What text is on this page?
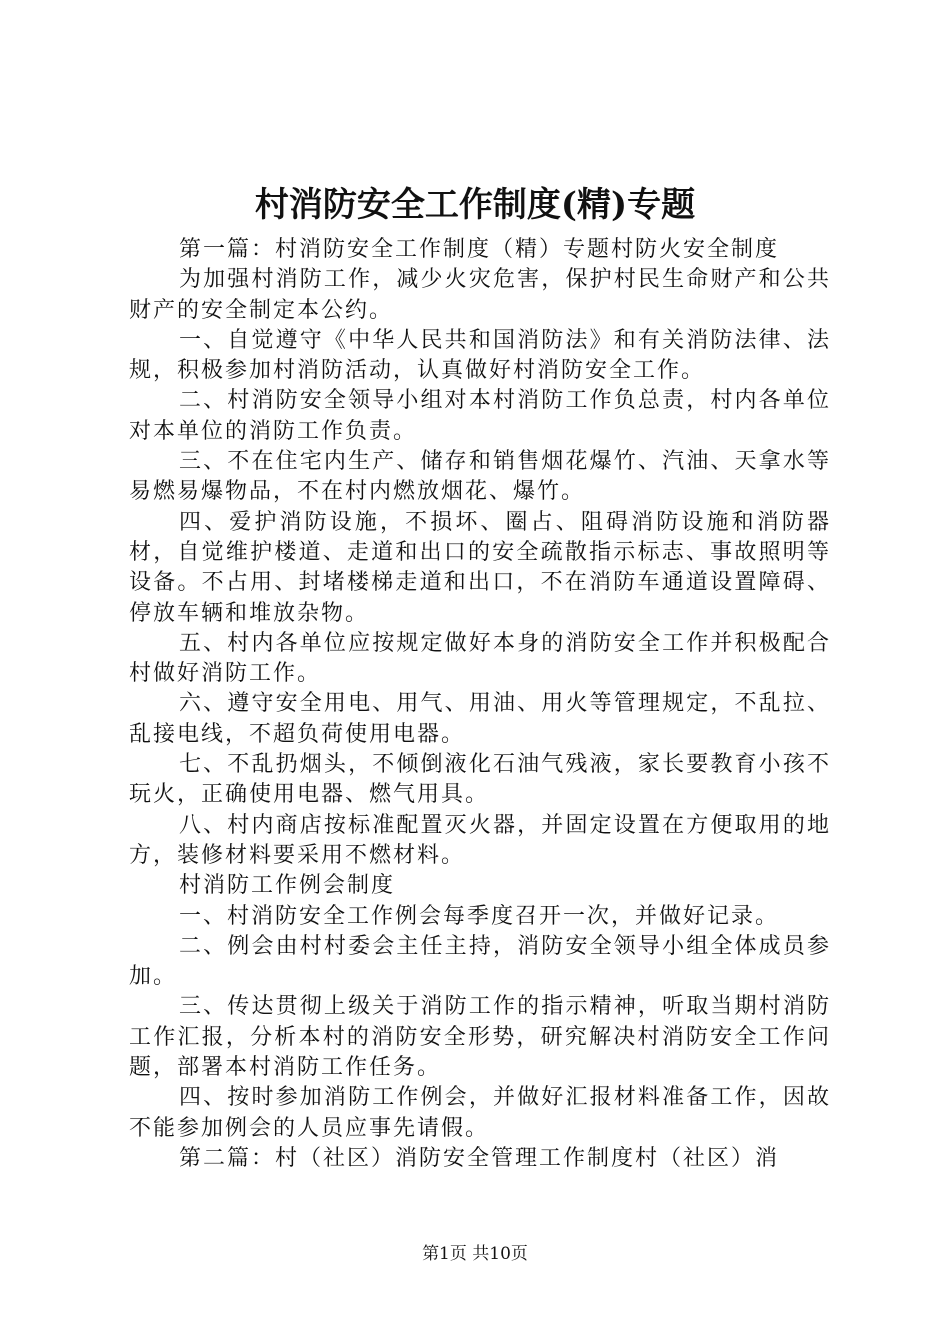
村消防安全工作制度(精)专题

第一篇：村消防安全工作制度（精）专题村防火安全制度

为加强村消防工作，减少火灾危害，保护村民生命财产和公共财产的安全制定本公约。

一、自觉遵守《中华人民共和国消防法》和有关消防法律、法规，积极参加村消防活动，认真做好村消防安全工作。

二、村消防安全领导小组对本村消防工作负总责，村内各单位对本单位的消防工作负责。

三、不在住宅内生产、储存和销售烟花爆竹、汽油、天拿水等易燃易爆物品，不在村内燃放烟花、爆竹。

四、爱护消防设施，不损坏、圈占、阻碍消防设施和消防器材，自觉维护楼道、走道和出口的安全疏散指示标志、事故照明等设备。不占用、封堵楼梯走道和出口，不在消防车通道设置障碍、停放车辆和堆放杂物。

五、村内各单位应按规定做好本身的消防安全工作并积极配合村做好消防工作。

六、遵守安全用电、用气、用油、用火等管理规定，不乱拉、乱接电线，不超负荷使用电器。

七、不乱扔烟头，不倾倒液化石油气残液，家长要教育小孩不玩火，正确使用电器、燃气用具。

八、村内商店按标准配置灭火器，并固定设置在方便取用的地方，装修材料要采用不燃材料。

村消防工作例会制度

一、村消防安全工作例会每季度召开一次，并做好记录。

二、例会由村村委会主任主持，消防安全领导小组全体成员参加。

三、传达贯彻上级关于消防工作的指示精神，听取当期村消防工作汇报，分析本村的消防安全形势，研究解决村消防安全工作问题，部署本村消防工作任务。

四、按时参加消防工作例会，并做好汇报材料准备工作，因故不能参加例会的人员应事先请假。

第二篇：村（社区）消防安全管理工作制度村（社区）消

第1页 共10页
